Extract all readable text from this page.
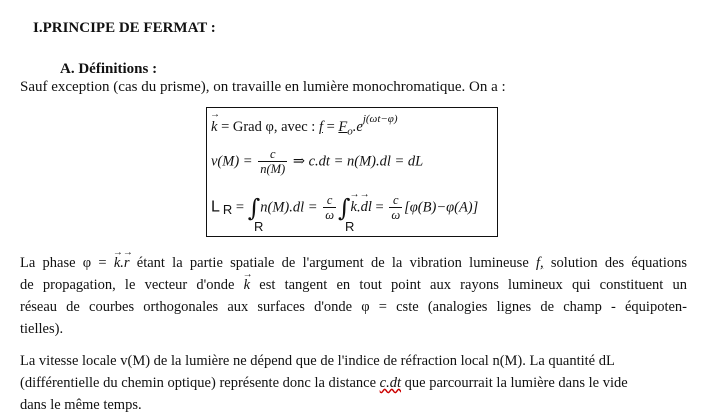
I.PRINCIPE DE FERMAT :
A. Définitions :
Sauf exception (cas du prisme), on travaille en lumière monochromatique. On a :
→ k = Grad φ, avec : $f = F_o.e^{j(\omega t-\varphi)}$
$v(M) = \frac{c}{n(M)}$ ⇒ c.dt = n(M).dl = dL
L $R = \int n(M).dl = \frac{c}{\omega}$ ∫→ k.→ dl = $\frac{c}{\omega} [\varphi(B)-\varphi(A)]$
R	R
La phase φ = → k.→ r étant la partie spatiale de l'argument de la vibration lumineuse f, solution des équations
de propagation, le vecteur d'onde → k est tangent en tout point aux rayons lumineux qui constituent un
réseau de courbes orthogonales aux surfaces d'onde φ = cste (analogies lignes de champ - équipoten-
tielles).
La vitesse locale v(M) de la lumière ne dépend que de l'indice de réfraction local n(M). La quantité dL
(différentielle du chemin optique) représente donc la distance c.dt que parcourrait la lumière dans le vide
dans le même temps.
